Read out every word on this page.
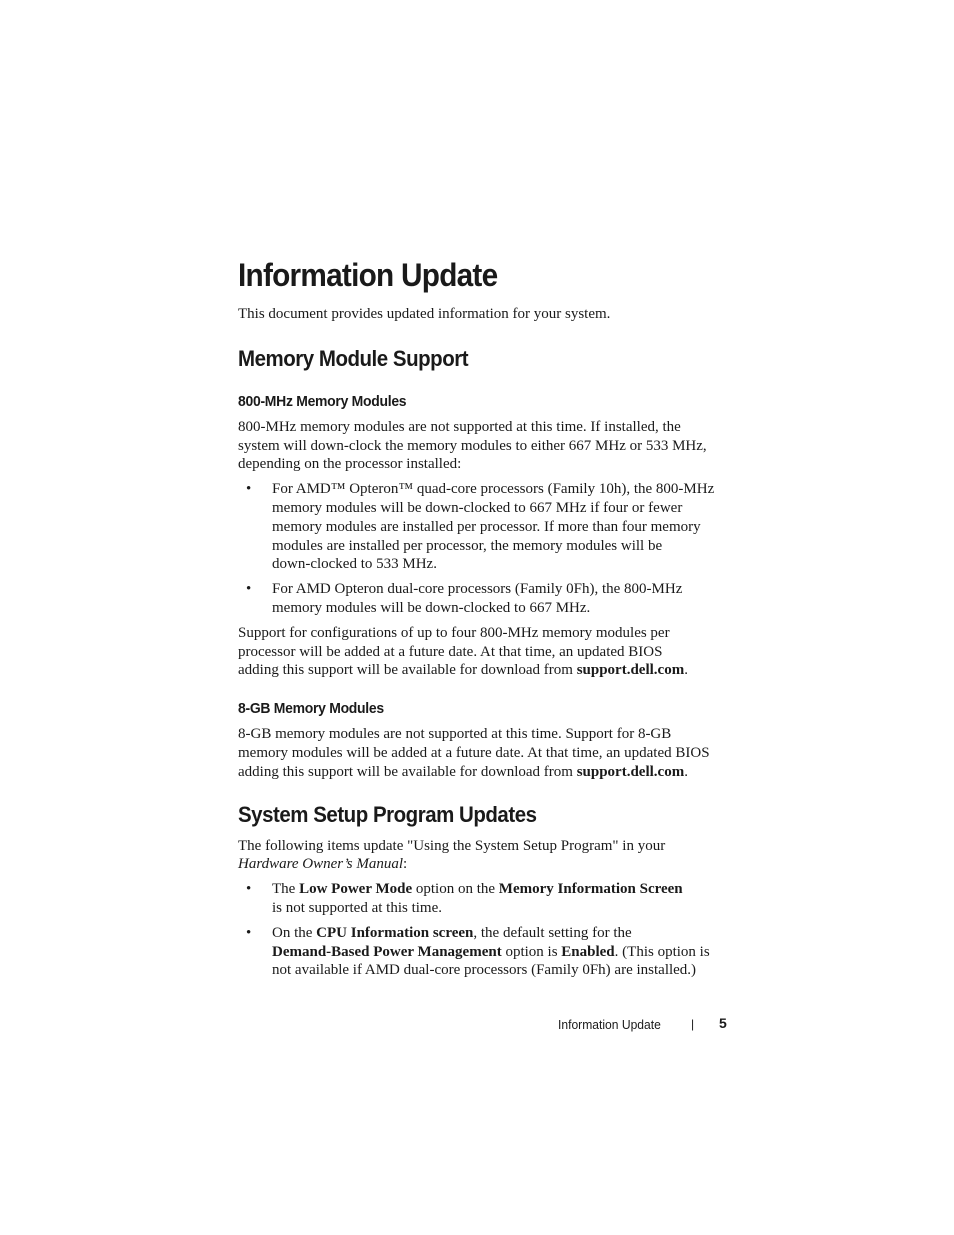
Information Update

This document provides updated information for your system.

Memory Module Support
800-MHz Memory Modules

800-MHz memory modules are not supported at this time. If installed, the
system will down-clock the memory modules to either 667 MHz or 533 MHz,
depending on the processor installed:

• For AMD™ Opteron™ quad-core processors (Family 10h), the 800-MHz
memory modules will be down-clocked to 667 MHz if four or fewer
memory modules are installed per processor. If more than four memory
modules are installed per processor, the memory modules will be
down-clocked to 533 MHz.
• For AMD Opteron dual-core processors (Family 0Fh), the 800-MHz
memory modules will be down-clocked to 667 MHz.

Support for configurations of up to four 800-MHz memory modules per
processor will be added at a future date. At that time, an updated BIOS
adding this support will be available for download from support.dell.com.

8-GB Memory Modules

8-GB memory modules are not supported at this time. Support for 8-GB
memory modules will be added at a future date. At that time, an updated BIOS
adding this support will be available for download from support.dell.com.

System Setup Program Updates

The following items update "Using the System Setup Program" in your
Hardware Owner’s Manual:

• The Low Power Mode option on the Memory Information Screen
is not supported at this time.
• On the CPU Information screen, the default setting for the
Demand-Based Power Management option is Enabled. (This option is
not available if AMD dual-core processors (Family 0Fh) are installed.)
Information Update	| 5
